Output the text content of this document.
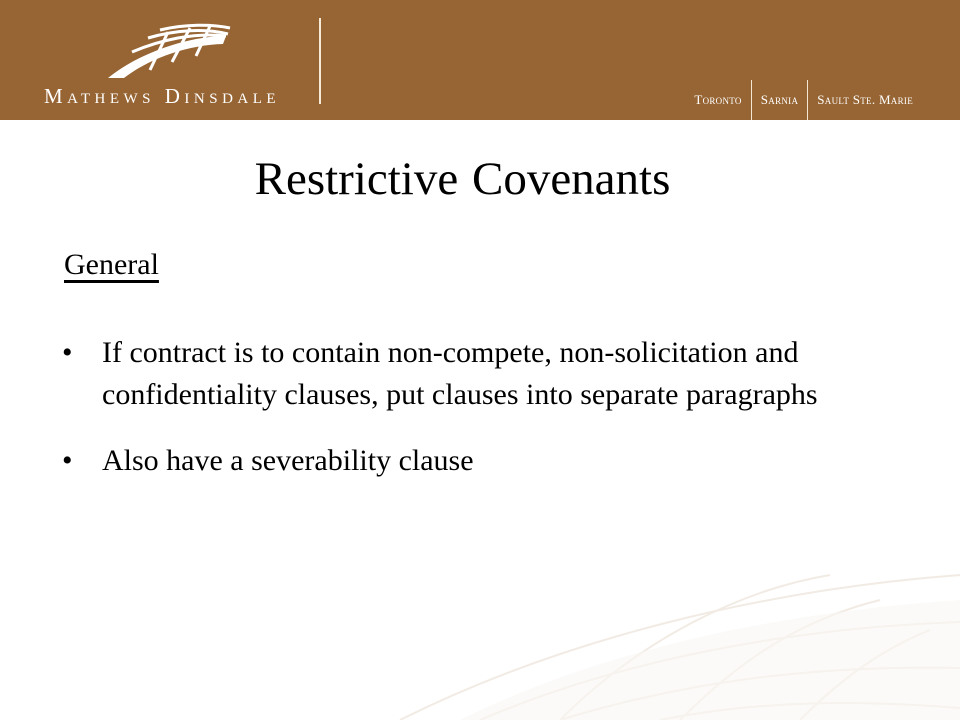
Mathews Dinsdale	Toronto	Sarnia	Sault Ste. Marie
Restrictive Covenants
General
• If contract is to contain non-compete, non-solicitation and confidentiality clauses, put clauses into separate paragraphs
• Also have a severability clause
